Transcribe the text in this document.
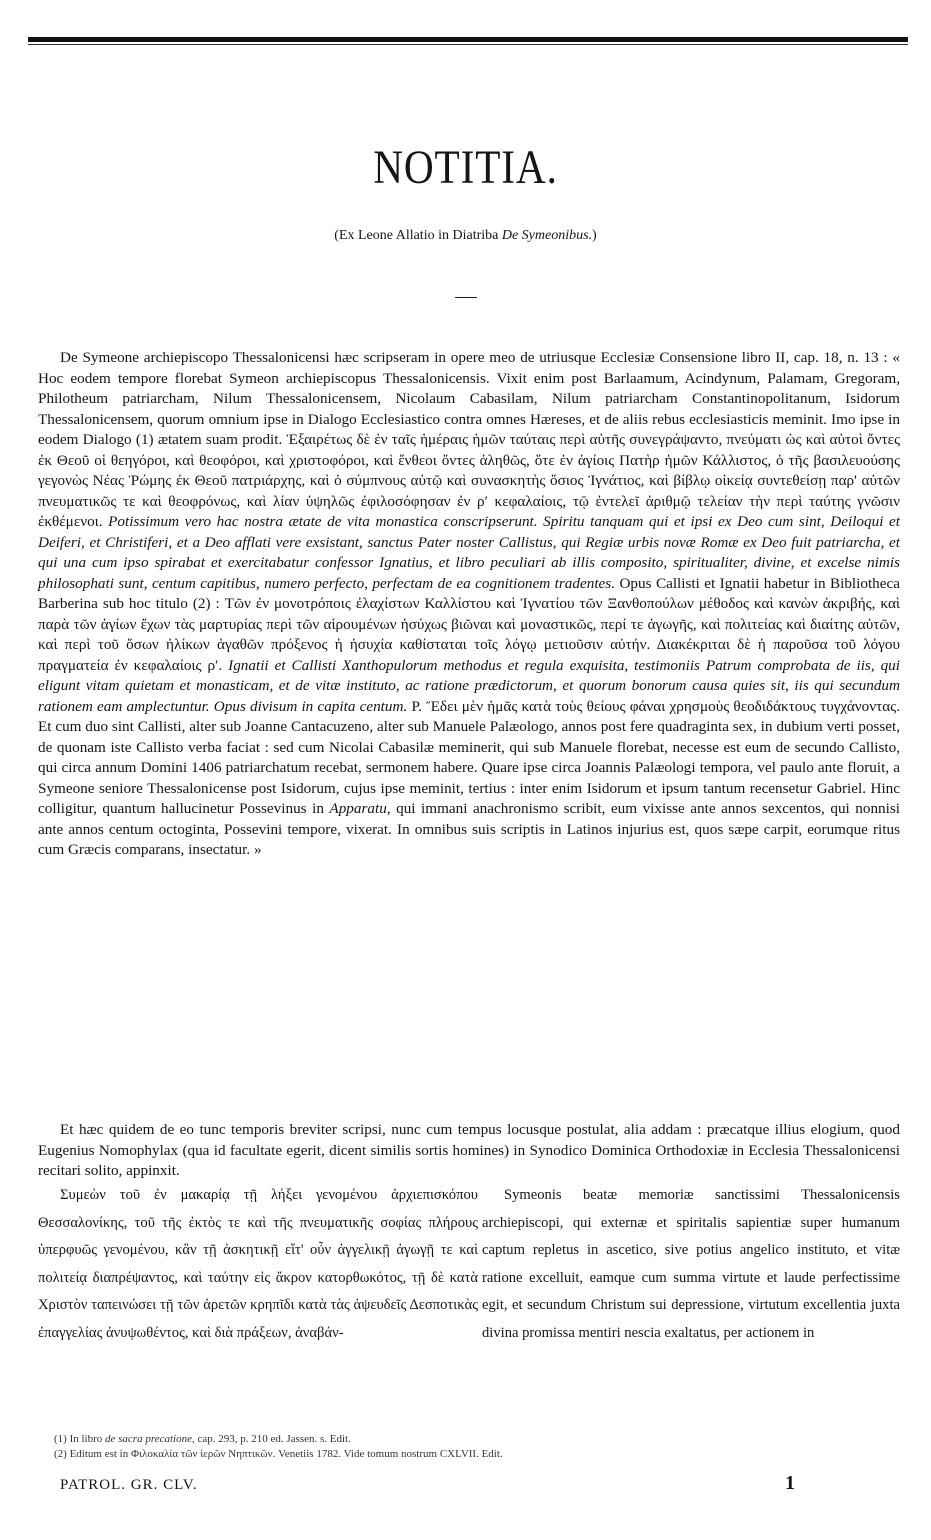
NOTITIA.
(Ex Leone Allatio in Diatriba De Symeonibus.)

De Symeone archiepiscopo Thessalonicensi hæc scripseram in opere meo de utriusque Ecclesiæ Consensione libro II, cap. 18, n. 13 : « Hoc eodem tempore florebat Symeon archiepiscopus Thessalonicensis. Vixit enim post Barlaamum, Acindynum, Palamam, Gregoram, Philotheum patriarcham, Nilum Thessalonicensem, Nicolaum Cabasilam, Nilum patriarcham Constantinopolitanum, Isidorum Thessalonicensem, quorum omnium ipse in Dialogo Ecclesiastico contra omnes Hæreses, et de aliis rebus ecclesiasticis meminit. Imo ipse in eodem Dialogo (1) ætatem suam prodit. Ἐξαιρέτως δὲ ἐν ταῖς ἡμέραις ἡμῶν ταύταις περὶ αὐτῆς συνεγράψαντο, πνεύματι ὡς καὶ αὐτοὶ ὄντες ἐκ Θεοῦ οἱ θεηγόροι, καὶ θεοφόροι, καὶ χριστοφόροι, καὶ ἔνθεοι ὄντες ἀληθῶς, ὅτε ἐν ἁγίοις Πατὴρ ἡμῶν Κάλλιστος, ὁ τῆς βασιλευούσης γεγονὼς Νέας Ῥώμης ἐκ Θεοῦ πατριάρχης, καὶ ὁ σύμπνους αὐτῷ καὶ συνασκητὴς ὅσιος Ἰγνάτιος, καὶ βίβλῳ οἰκείᾳ συντεθείσῃ παρ' αὐτῶν πνευματικῶς τε καὶ θεοφρόνως, καὶ λίαν ὑψηλῶς ἐφιλοσόφησαν ἐν ρʹ κεφαλαίοις, τῷ ἐντελεῖ ἀριθμῷ τελείαν τὴν περὶ ταύτης γνῶσιν ἐκθέμενοι. Potissimum vero hac nostra ætate de vita monastica conscripserunt. Spiritu tanquam qui et ipsi ex Deo cum sint, Deiloqui et Deiferi, et Christiferi, et a Deo afflati vere exsistant, sanctus Pater noster Callistus, qui Regiæ urbis novæ Romæ ex Deo fuit patriarcha, et qui una cum ipso spirabat et exercitabatur confessor Ignatius, et libro peculiari ab illis composito, spiritualiter, divine, et excelse nimis philosophati sunt, centum capitibus, numero perfecto, perfectam de ea cognitionem tradentes. Opus Callisti et Ignatii habetur in Bibliotheca Barberina sub hoc titulo (2) : Τῶν ἐν μονοτρόποις ἐλαχίστων Καλλίστου καὶ Ἰγνατίου τῶν Ξανθοπούλων μέθοδος καὶ κανὼν ἀκριβής, καὶ παρὰ τῶν ἁγίων ἔχων τὰς μαρτυρίας περὶ τῶν αἱρουμένων ἡσύχως βιῶναι καὶ μοναστικῶς, περί τε ἀγωγῆς, καὶ πολιτείας καὶ διαίτης αὐτῶν, καὶ περὶ τοῦ ὅσων ἠλίκων ἀγαθῶν πρόξενος ἡ ἡσυχία καθίσταται τοῖς λόγῳ μετιοῦσιν αὐτήν. Διακέκριται δὲ ἡ παροῦσα τοῦ λόγου πραγματεία ἐν κεφαλαίοις ρʹ. Ignatii et Callisti Xanthopulorum methodus et regula exquisita, testimoniis Patrum comprobata de iis, qui eligunt vitam quietam et monasticam, et de vitæ instituto, ac ratione prædictorum, et quorum bonorum causa quies sit, iis qui secundum rationem eam amplectuntur. Opus divisum in capita centum. P. Ἔδει μὲν ἡμᾶς κατὰ τοὺς θείους φάναι χρησμοὺς θεοδιδάκτους τυγχάνοντας. Et cum duo sint Callisti, alter sub Joanne Cantacuzeno, alter sub Manuele Palæologo, annos post fere quadraginta sex, in dubium verti posset, de quonam iste Callisto verba faciat : sed cum Nicolai Cabasilæ meminerit, qui sub Manuele florebat, necesse est eum de secundo Callisto, qui circa annum Domini 1406 patriarchatum recebat, sermonem habere. Quare ipse circa Joannis Palæologi tempora, vel paulo ante floruit, a Symeone seniore Thessalonicense post Isidorum, cujus ipse meminit, tertius : inter enim Isidorum et ipsum tantum recensetur Gabriel. Hinc colligitur, quantum hallucinetur Possevinus in Apparatu, qui immani anachronismo scribit, eum vixisse ante annos sexcentos, qui nonnisi ante annos centum octoginta, Possevini tempore, vixerat. In omnibus suis scriptis in Latinos injurius est, quos sæpe carpit, eorumque ritus cum Græcis comparans, insectatur. »

Et hæc quidem de eo tunc temporis breviter scripsi, nunc cum tempus locusque postulat, alia addam : præcatque illius elogium, quod Eugenius Nomophylax (qua id facultate egerit, dicent similis sortis homines) in Synodico Dominica Orthodoxiæ in Ecclesia Thessalonicensi recitari solito, appinxit.

Συμεὼν τοῦ ἐν μακαρίᾳ τῇ λήξει γενομένου ἀρχιεπισκόπου Θεσσαλονίκης, τοῦ τῆς ἐκτὸς τε καὶ τῆς πνευματικῆς σοφίας πλήρους ὑπερφυῶς γενομένου, κἂν τῇ ἀσκητικῇ εἴτ' οὖν ἀγγελικῇ ἀγωγῇ τε καὶ πολιτείᾳ διαπρέψαντος, καὶ ταύτην εἰς ἄκρον κατορθωκότος, τῇ δὲ κατὰ Χριστὸν ταπεινώσει τῇ τῶν ἀρετῶν κρηπῖδι κατὰ τὰς ἀψευδεῖς Δεσποτικὰς ἐπαγγελίας ἀνυψωθέντος, καὶ διὰ πράξεων, ἀναβάν-

Symeonis beatæ memoriæ sanctissimi Thessalonicensis archiepiscopi, qui externæ et spiritalis sapientiæ super humanum captum repletus in ascetico, sive potius angelico instituto, et vitæ ratione excelluit, eamque cum summa virtute et laude perfectissime egit, et secundum Christum sui depressione, virtutum excellentia juxta divina promissa mentiri nescia exaltatus, per actionem in

(1) In libro de sacra precatione, cap. 293, p. 210 ed. Jassen. s. Edit.
(2) Editum est in Φιλοκαλία τῶν ἱερῶν Νηπτικῶν. Venetiis 1782. Vide tomum nostrum CXLVII. Edit.
PATROL. GR. CLV.	1
